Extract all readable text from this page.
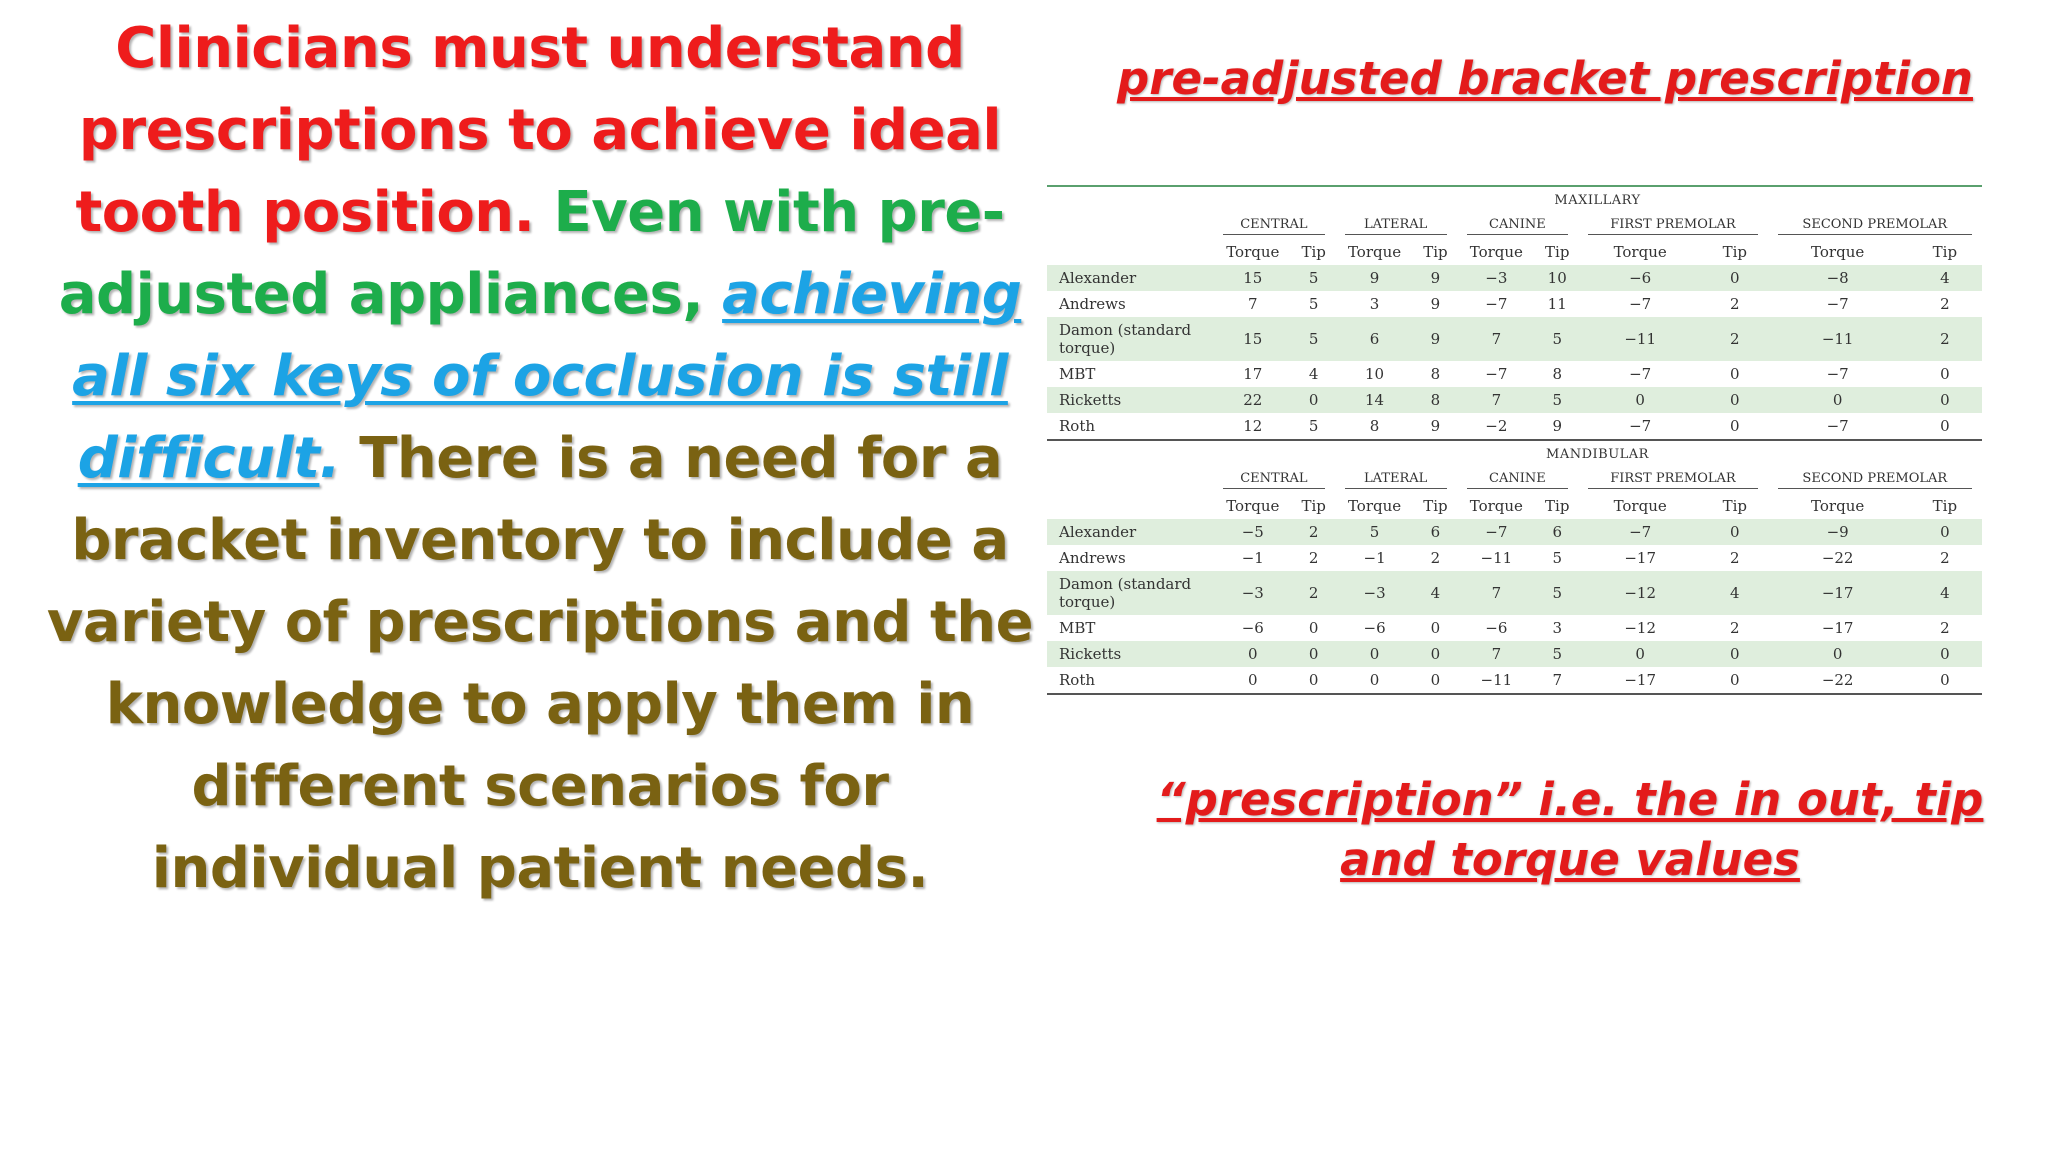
Clinicians must understand prescriptions to achieve ideal tooth position. Even with pre- adjusted appliances, achieving all six keys of occlusion is still difficult. There is a need for a bracket inventory to include a variety of prescriptions and the knowledge to apply them in different scenarios for individual patient needs.
pre-adjusted bracket prescription
	MAXILLARY									

	CENTRAL		LATERAL		CANINE		FIRST PREMOLAR		SECOND PREMOLAR	

	Torque	Tip	Torque	Tip	Torque	Tip	Torque	Tip	Torque	Tip
Alexander	15	5	9	9	−3	10	−6	0	−8	4
Andrews	7	5	3	9	−7	11	−7	2	−7	2
Damon (standard torque)	15	5	6	9	7	5	−11	2	−11	2
MBT	17	4	10	8	−7	8	−7	0	−7	0
Ricketts	22	0	14	8	7	5	0	0	0	0
Roth	12	5	8	9	−2	9	−7	0	−7	0
	MANDIBULAR									

	CENTRAL		LATERAL		CANINE		FIRST PREMOLAR		SECOND PREMOLAR	

	Torque	Tip	Torque	Tip	Torque	Tip	Torque	Tip	Torque	Tip
Alexander	−5	2	5	6	−7	6	−7	0	−9	0
Andrews	−1	2	−1	2	−11	5	−17	2	−22	2
Damon (standard torque)	−3	2	−3	4	7	5	−12	4	−17	4
MBT	−6	0	−6	0	−6	3	−12	2	−17	2
Ricketts	0	0	0	0	7	5	0	0	0	0
Roth	0	0	0	0	−11	7	−17	0	−22	0
“prescription” i.e. the in out, tip and torque values
